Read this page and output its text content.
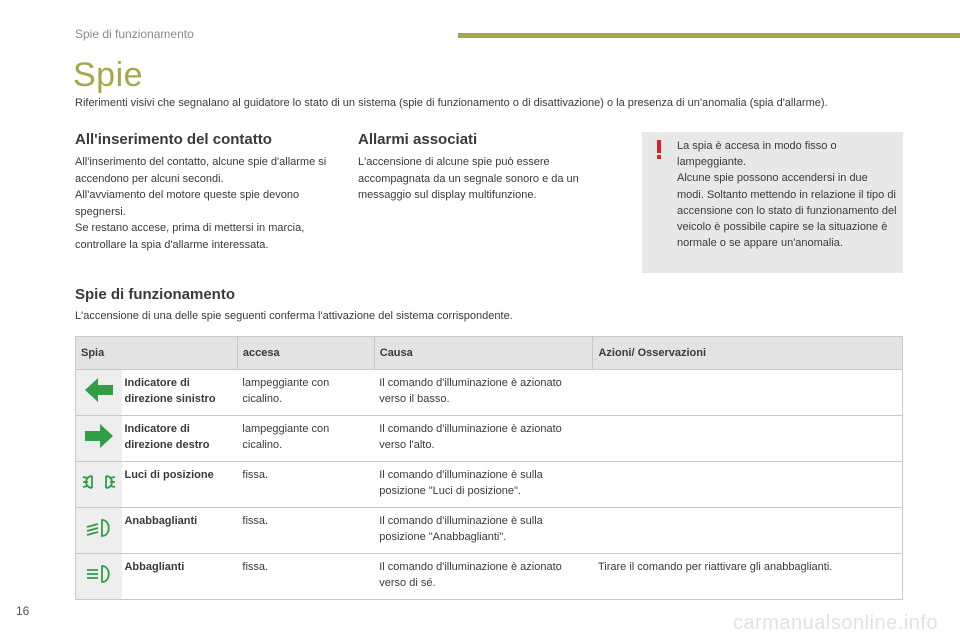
Spie di funzionamento
Spie
Riferimenti visivi che segnalano al guidatore lo stato di un sistema (spie di funzionamento o di disattivazione) o la presenza di un'anomalia (spia d'allarme).
All'inserimento del contatto
All'inserimento del contatto, alcune spie d'allarme si accendono per alcuni secondi.
All'avviamento del motore queste spie devono spegnersi.
Se restano accese, prima di mettersi in marcia, controllare la spia d'allarme interessata.
Allarmi associati
L'accensione di alcune spie può essere accompagnata da un segnale sonoro e da un messaggio sul display multifunzione.
La spia è accesa in modo fisso o lampeggiante.
Alcune spie possono accendersi in due modi. Soltanto mettendo in relazione il tipo di accensione con lo stato di funzionamento del veicolo è possibile capire se la situazione è normale o se appare un'anomalia.
Spie di funzionamento
L'accensione di una delle spie seguenti conferma l'attivazione del sistema corrispondente.
Spia		accesa	Causa	Azioni/ Osservazioni
	Indicatore di direzione sinistro	lampeggiante con cicalino.	Il comando d'illuminazione è azionato verso il basso.	
	Indicatore di direzione destro	lampeggiante con cicalino.	Il comando d'illuminazione è azionato verso l'alto.	
	Luci di posizione	fissa.	Il comando d'illuminazione è sulla posizione "Luci di posizione".	
	Anabbaglianti	fissa.	Il comando d'illuminazione è sulla posizione "Anabbaglianti".	
	Abbaglianti	fissa.	Il comando d'illuminazione è azionato verso di sé.	Tirare il comando per riattivare gli anabbaglianti.
16
carmanualsonline.info
